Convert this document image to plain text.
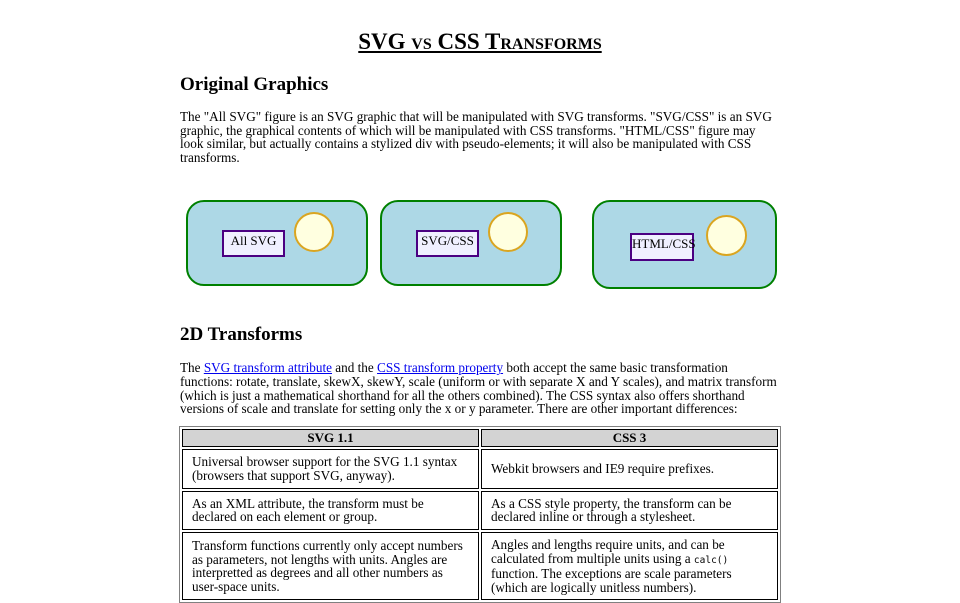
SVG vs CSS Transforms
Original Graphics

The "All SVG" figure is an SVG graphic that will be manipulated with SVG transforms. "SVG/CSS" is an SVG graphic, the graphical contents of which will be manipulated with CSS transforms. "HTML/CSS" figure may look similar, but actually contains a stylized div with pseudo-elements; it will also be manipulated with CSS transforms.

All SVG	SVG/CSS	HTML/CSS
2D Transforms

The SVG transform attribute and the CSS transform property both accept the same basic transformation functions: rotate, translate, skewX, skewY, scale (uniform or with separate X and Y scales), and matrix transform (which is just a mathematical shorthand for all the others combined). The CSS syntax also offers shorthand versions of scale and translate for setting only the x or y parameter. There are other important differences:

SVG 1.1	CSS 3
Universal browser support for the SVG 1.1 syntax (browsers that support SVG, anyway).	Webkit browsers and IE9 require prefixes.
As an XML attribute, the transform must be declared on each element or group.	As a CSS style property, the transform can be declared inline or through a stylesheet.
Transform functions currently only accept numbers as parameters, not lengths with units. Angles are interpretted as degrees and all other numbers as user-space units.	Angles and lengths require units, and can be calculated from multiple units using a calc() function. The exceptions are scale parameters (which are logically unitless numbers).
